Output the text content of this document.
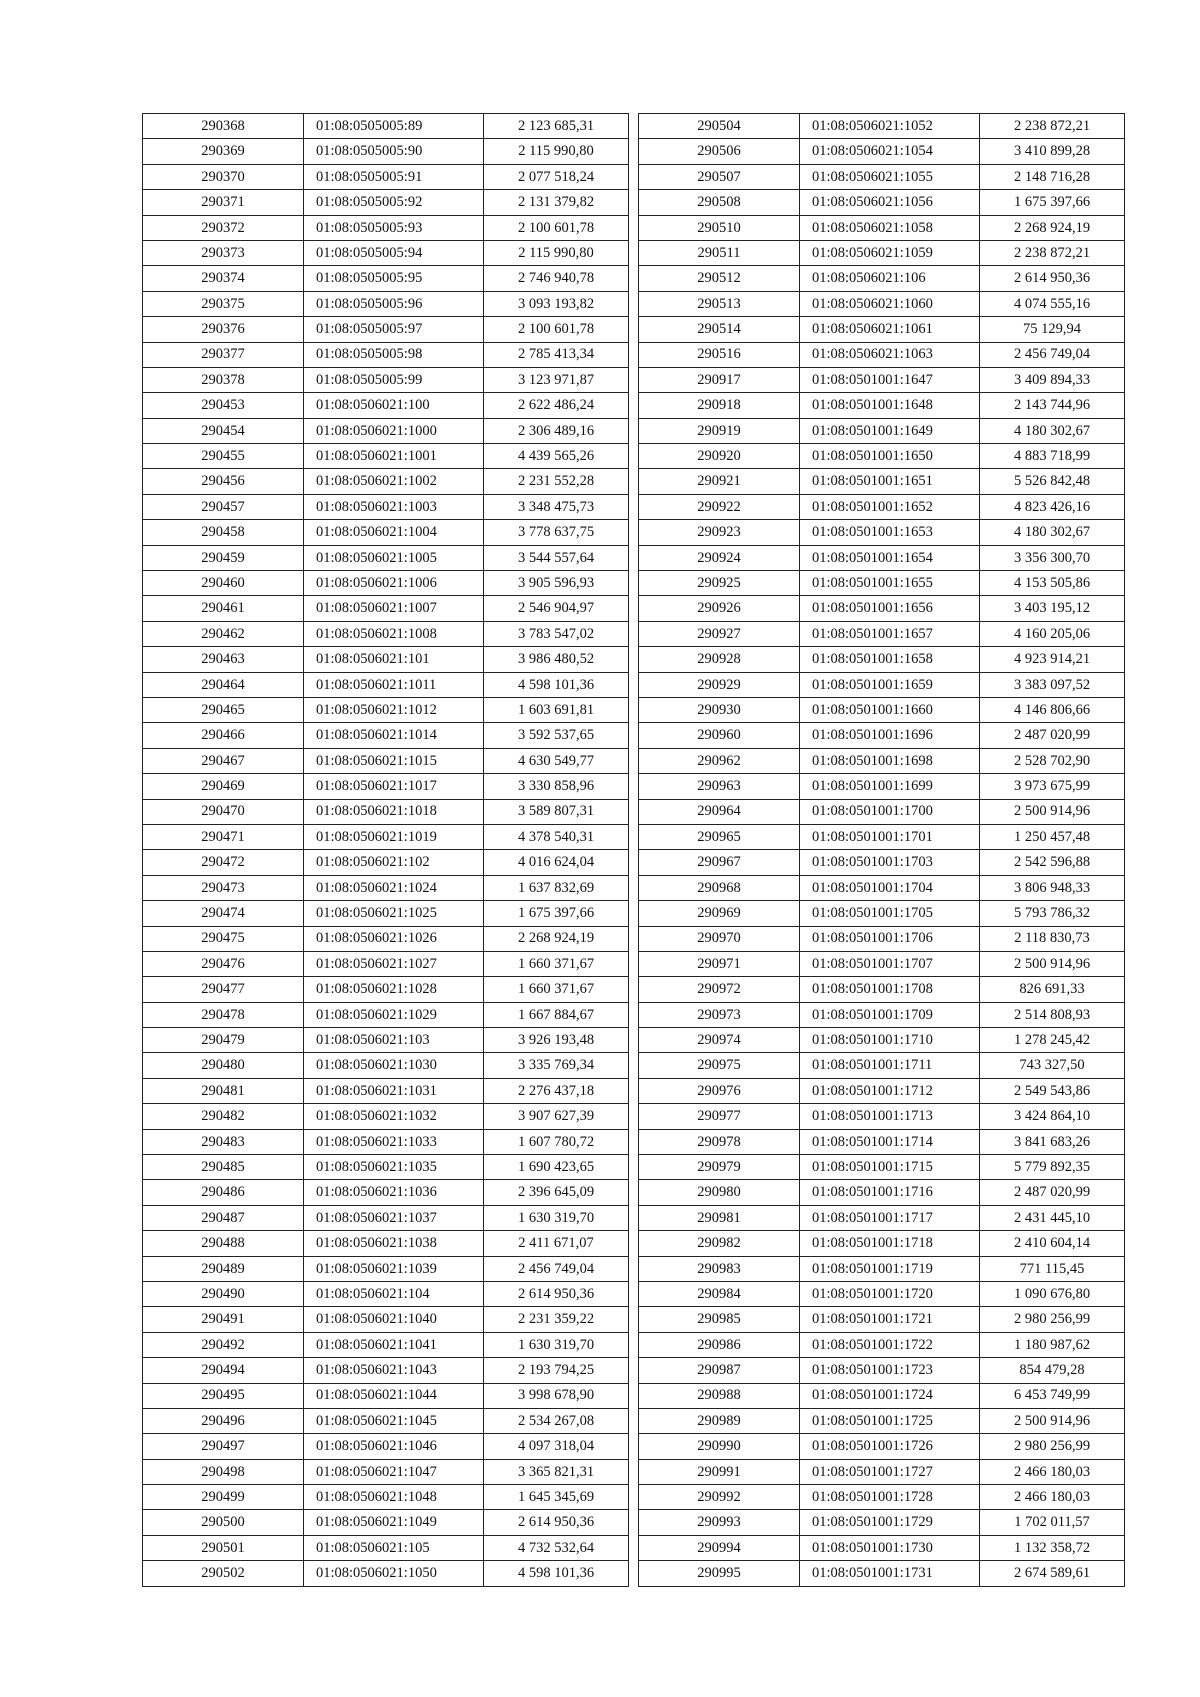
290368	01:08:0505005:89	2 123 685,31
290369	01:08:0505005:90	2 115 990,80
290370	01:08:0505005:91	2 077 518,24
290371	01:08:0505005:92	2 131 379,82
290372	01:08:0505005:93	2 100 601,78
290373	01:08:0505005:94	2 115 990,80
290374	01:08:0505005:95	2 746 940,78
290375	01:08:0505005:96	3 093 193,82
290376	01:08:0505005:97	2 100 601,78
290377	01:08:0505005:98	2 785 413,34
290378	01:08:0505005:99	3 123 971,87
290453	01:08:0506021:100	2 622 486,24
290454	01:08:0506021:1000	2 306 489,16
290455	01:08:0506021:1001	4 439 565,26
290456	01:08:0506021:1002	2 231 552,28
290457	01:08:0506021:1003	3 348 475,73
290458	01:08:0506021:1004	3 778 637,75
290459	01:08:0506021:1005	3 544 557,64
290460	01:08:0506021:1006	3 905 596,93
290461	01:08:0506021:1007	2 546 904,97
290462	01:08:0506021:1008	3 783 547,02
290463	01:08:0506021:101	3 986 480,52
290464	01:08:0506021:1011	4 598 101,36
290465	01:08:0506021:1012	1 603 691,81
290466	01:08:0506021:1014	3 592 537,65
290467	01:08:0506021:1015	4 630 549,77
290469	01:08:0506021:1017	3 330 858,96
290470	01:08:0506021:1018	3 589 807,31
290471	01:08:0506021:1019	4 378 540,31
290472	01:08:0506021:102	4 016 624,04
290473	01:08:0506021:1024	1 637 832,69
290474	01:08:0506021:1025	1 675 397,66
290475	01:08:0506021:1026	2 268 924,19
290476	01:08:0506021:1027	1 660 371,67
290477	01:08:0506021:1028	1 660 371,67
290478	01:08:0506021:1029	1 667 884,67
290479	01:08:0506021:103	3 926 193,48
290480	01:08:0506021:1030	3 335 769,34
290481	01:08:0506021:1031	2 276 437,18
290482	01:08:0506021:1032	3 907 627,39
290483	01:08:0506021:1033	1 607 780,72
290485	01:08:0506021:1035	1 690 423,65
290486	01:08:0506021:1036	2 396 645,09
290487	01:08:0506021:1037	1 630 319,70
290488	01:08:0506021:1038	2 411 671,07
290489	01:08:0506021:1039	2 456 749,04
290490	01:08:0506021:104	2 614 950,36
290491	01:08:0506021:1040	2 231 359,22
290492	01:08:0506021:1041	1 630 319,70
290494	01:08:0506021:1043	2 193 794,25
290495	01:08:0506021:1044	3 998 678,90
290496	01:08:0506021:1045	2 534 267,08
290497	01:08:0506021:1046	4 097 318,04
290498	01:08:0506021:1047	3 365 821,31
290499	01:08:0506021:1048	1 645 345,69
290500	01:08:0506021:1049	2 614 950,36
290501	01:08:0506021:105	4 732 532,64
290502	01:08:0506021:1050	4 598 101,36
290504	01:08:0506021:1052	2 238 872,21
290506	01:08:0506021:1054	3 410 899,28
290507	01:08:0506021:1055	2 148 716,28
290508	01:08:0506021:1056	1 675 397,66
290510	01:08:0506021:1058	2 268 924,19
290511	01:08:0506021:1059	2 238 872,21
290512	01:08:0506021:106	2 614 950,36
290513	01:08:0506021:1060	4 074 555,16
290514	01:08:0506021:1061	75 129,94
290516	01:08:0506021:1063	2 456 749,04
290917	01:08:0501001:1647	3 409 894,33
290918	01:08:0501001:1648	2 143 744,96
290919	01:08:0501001:1649	4 180 302,67
290920	01:08:0501001:1650	4 883 718,99
290921	01:08:0501001:1651	5 526 842,48
290922	01:08:0501001:1652	4 823 426,16
290923	01:08:0501001:1653	4 180 302,67
290924	01:08:0501001:1654	3 356 300,70
290925	01:08:0501001:1655	4 153 505,86
290926	01:08:0501001:1656	3 403 195,12
290927	01:08:0501001:1657	4 160 205,06
290928	01:08:0501001:1658	4 923 914,21
290929	01:08:0501001:1659	3 383 097,52
290930	01:08:0501001:1660	4 146 806,66
290960	01:08:0501001:1696	2 487 020,99
290962	01:08:0501001:1698	2 528 702,90
290963	01:08:0501001:1699	3 973 675,99
290964	01:08:0501001:1700	2 500 914,96
290965	01:08:0501001:1701	1 250 457,48
290967	01:08:0501001:1703	2 542 596,88
290968	01:08:0501001:1704	3 806 948,33
290969	01:08:0501001:1705	5 793 786,32
290970	01:08:0501001:1706	2 118 830,73
290971	01:08:0501001:1707	2 500 914,96
290972	01:08:0501001:1708	826 691,33
290973	01:08:0501001:1709	2 514 808,93
290974	01:08:0501001:1710	1 278 245,42
290975	01:08:0501001:1711	743 327,50
290976	01:08:0501001:1712	2 549 543,86
290977	01:08:0501001:1713	3 424 864,10
290978	01:08:0501001:1714	3 841 683,26
290979	01:08:0501001:1715	5 779 892,35
290980	01:08:0501001:1716	2 487 020,99
290981	01:08:0501001:1717	2 431 445,10
290982	01:08:0501001:1718	2 410 604,14
290983	01:08:0501001:1719	771 115,45
290984	01:08:0501001:1720	1 090 676,80
290985	01:08:0501001:1721	2 980 256,99
290986	01:08:0501001:1722	1 180 987,62
290987	01:08:0501001:1723	854 479,28
290988	01:08:0501001:1724	6 453 749,99
290989	01:08:0501001:1725	2 500 914,96
290990	01:08:0501001:1726	2 980 256,99
290991	01:08:0501001:1727	2 466 180,03
290992	01:08:0501001:1728	2 466 180,03
290993	01:08:0501001:1729	1 702 011,57
290994	01:08:0501001:1730	1 132 358,72
290995	01:08:0501001:1731	2 674 589,61
